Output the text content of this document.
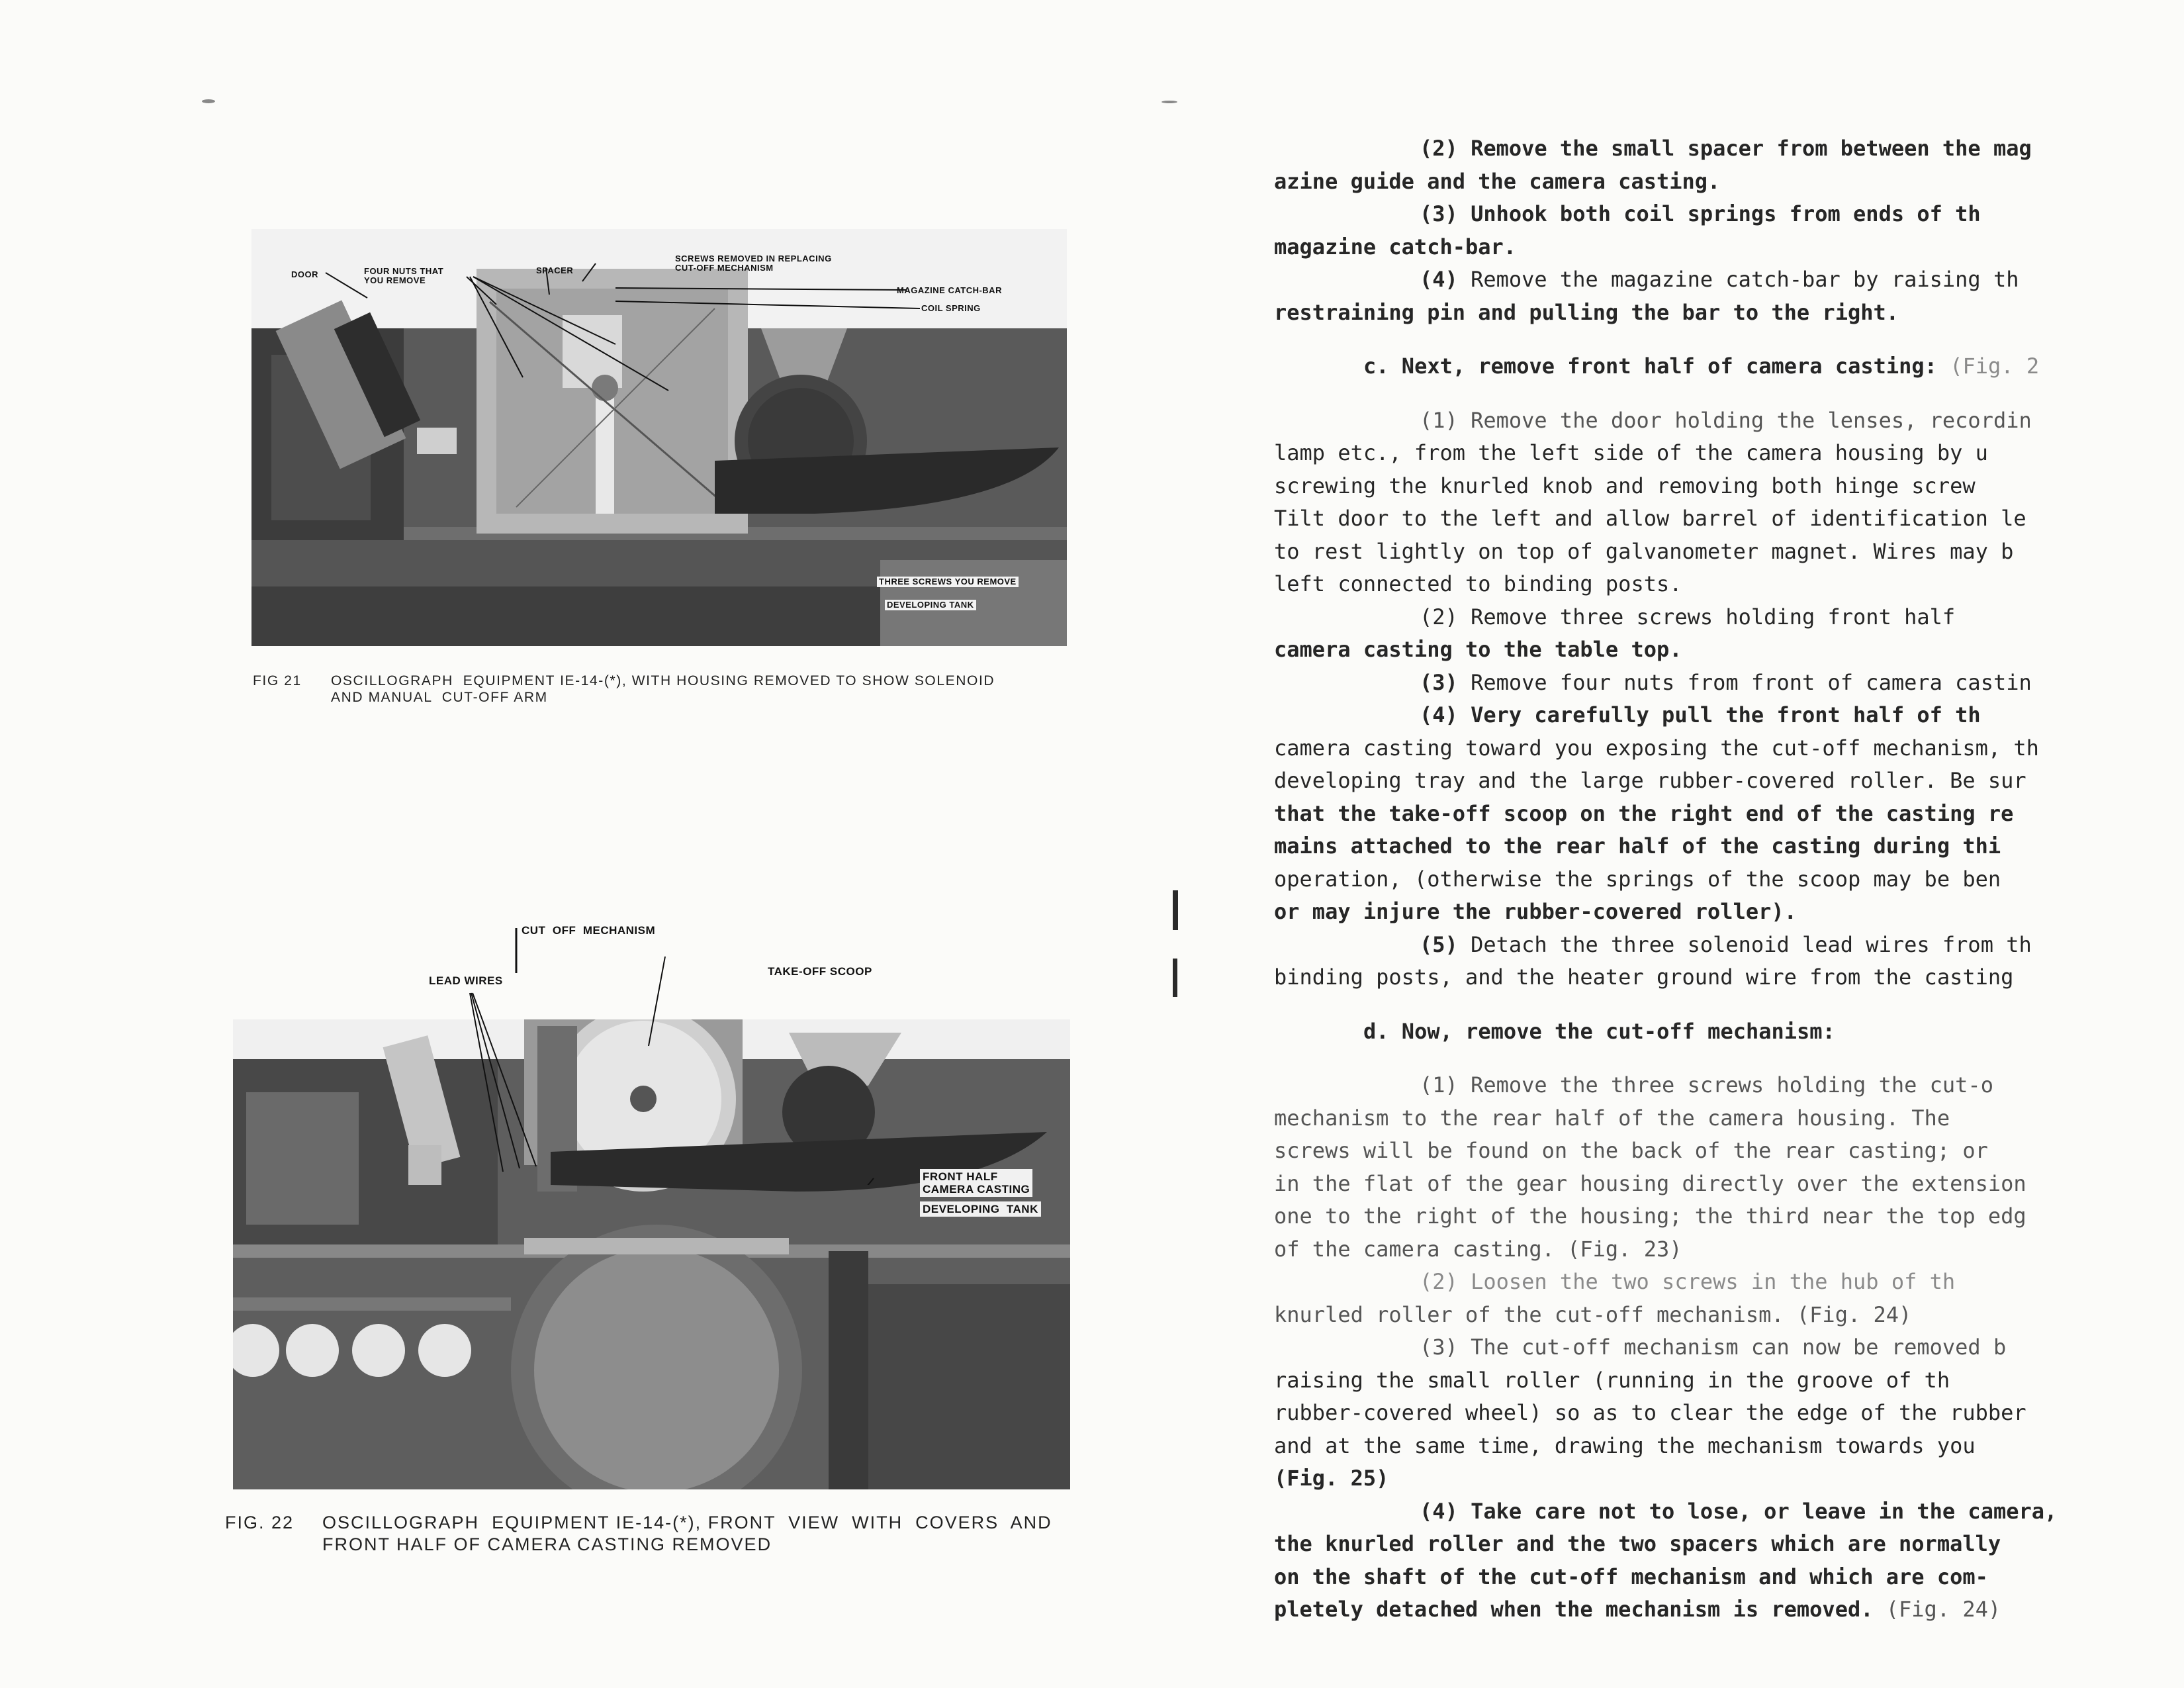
DOOR	FOUR NUTS THAT
YOU REMOVE
SPACER
SCREWS REMOVED IN REPLACING
CUT-OFF MECHANISM
MAGAZINE CATCH-BAR
COIL SPRING
THREE SCREWS YOU REMOVE
DEVELOPING TANK
FIG 21 OSCILLOGRAPH  EQUIPMENT IE-14-(*), WITH HOUSING REMOVED TO SHOW SOLENOID
AND MANUAL  CUT-OFF ARM
CUT  OFF  MECHANISM
LEAD WIRES
TAKE-OFF SCOOP
FRONT HALF
CAMERA CASTING
DEVELOPING  TANK
FIG. 22 OSCILLOGRAPH  EQUIPMENT IE-14-(*), FRONT  VIEW  WITH  COVERS  AND
FRONT HALF OF CAMERA CASTING REMOVED

(2) Remove the small spacer from between the mag

azine guide and the camera casting.

(3) Unhook both coil springs from ends of th

magazine catch-bar.

(4) Remove the magazine catch-bar by raising th

restraining pin and pulling the bar to the right.

c. Next, remove front half of camera casting: (Fig. 2

(1) Remove the door holding the lenses, recordin

lamp etc., from the left side of the camera housing by u

screwing the knurled knob and removing both hinge screw

Tilt door to the left and allow barrel of identification le

to rest lightly on top of galvanometer magnet. Wires may b

left connected to binding posts.

(2) Remove three screws holding front half

camera casting to the table top.

(3) Remove four nuts from front of camera castin

(4) Very carefully pull the front half of th

camera casting toward you exposing the cut-off mechanism, th

developing tray and the large rubber-covered roller. Be sur

that the take-off scoop on the right end of the casting re

mains attached to the rear half of the casting during thi

operation, (otherwise the springs of the scoop may be ben

or may injure the rubber-covered roller).

(5) Detach the three solenoid lead wires from th

binding posts, and the heater ground wire from the casting

d. Now, remove the cut-off mechanism:

(1) Remove the three screws holding the cut-o

mechanism to the rear half of the camera housing. The

screws will be found on the back of the rear casting; or

in the flat of the gear housing directly over the extension

one to the right of the housing; the third near the top edg

of the camera casting. (Fig. 23)

(2) Loosen the two screws in the hub of th

knurled roller of the cut-off mechanism. (Fig. 24)

(3) The cut-off mechanism can now be removed b

raising the small roller (running in the groove of th

rubber-covered wheel) so as to clear the edge of the rubber

and at the same time, drawing the mechanism towards you

(Fig. 25)

(4) Take care not to lose, or leave in the camera,

the knurled roller and the two spacers which are normally

on the shaft of the cut-off mechanism and which are com-

pletely detached when the mechanism is removed. (Fig. 24)
